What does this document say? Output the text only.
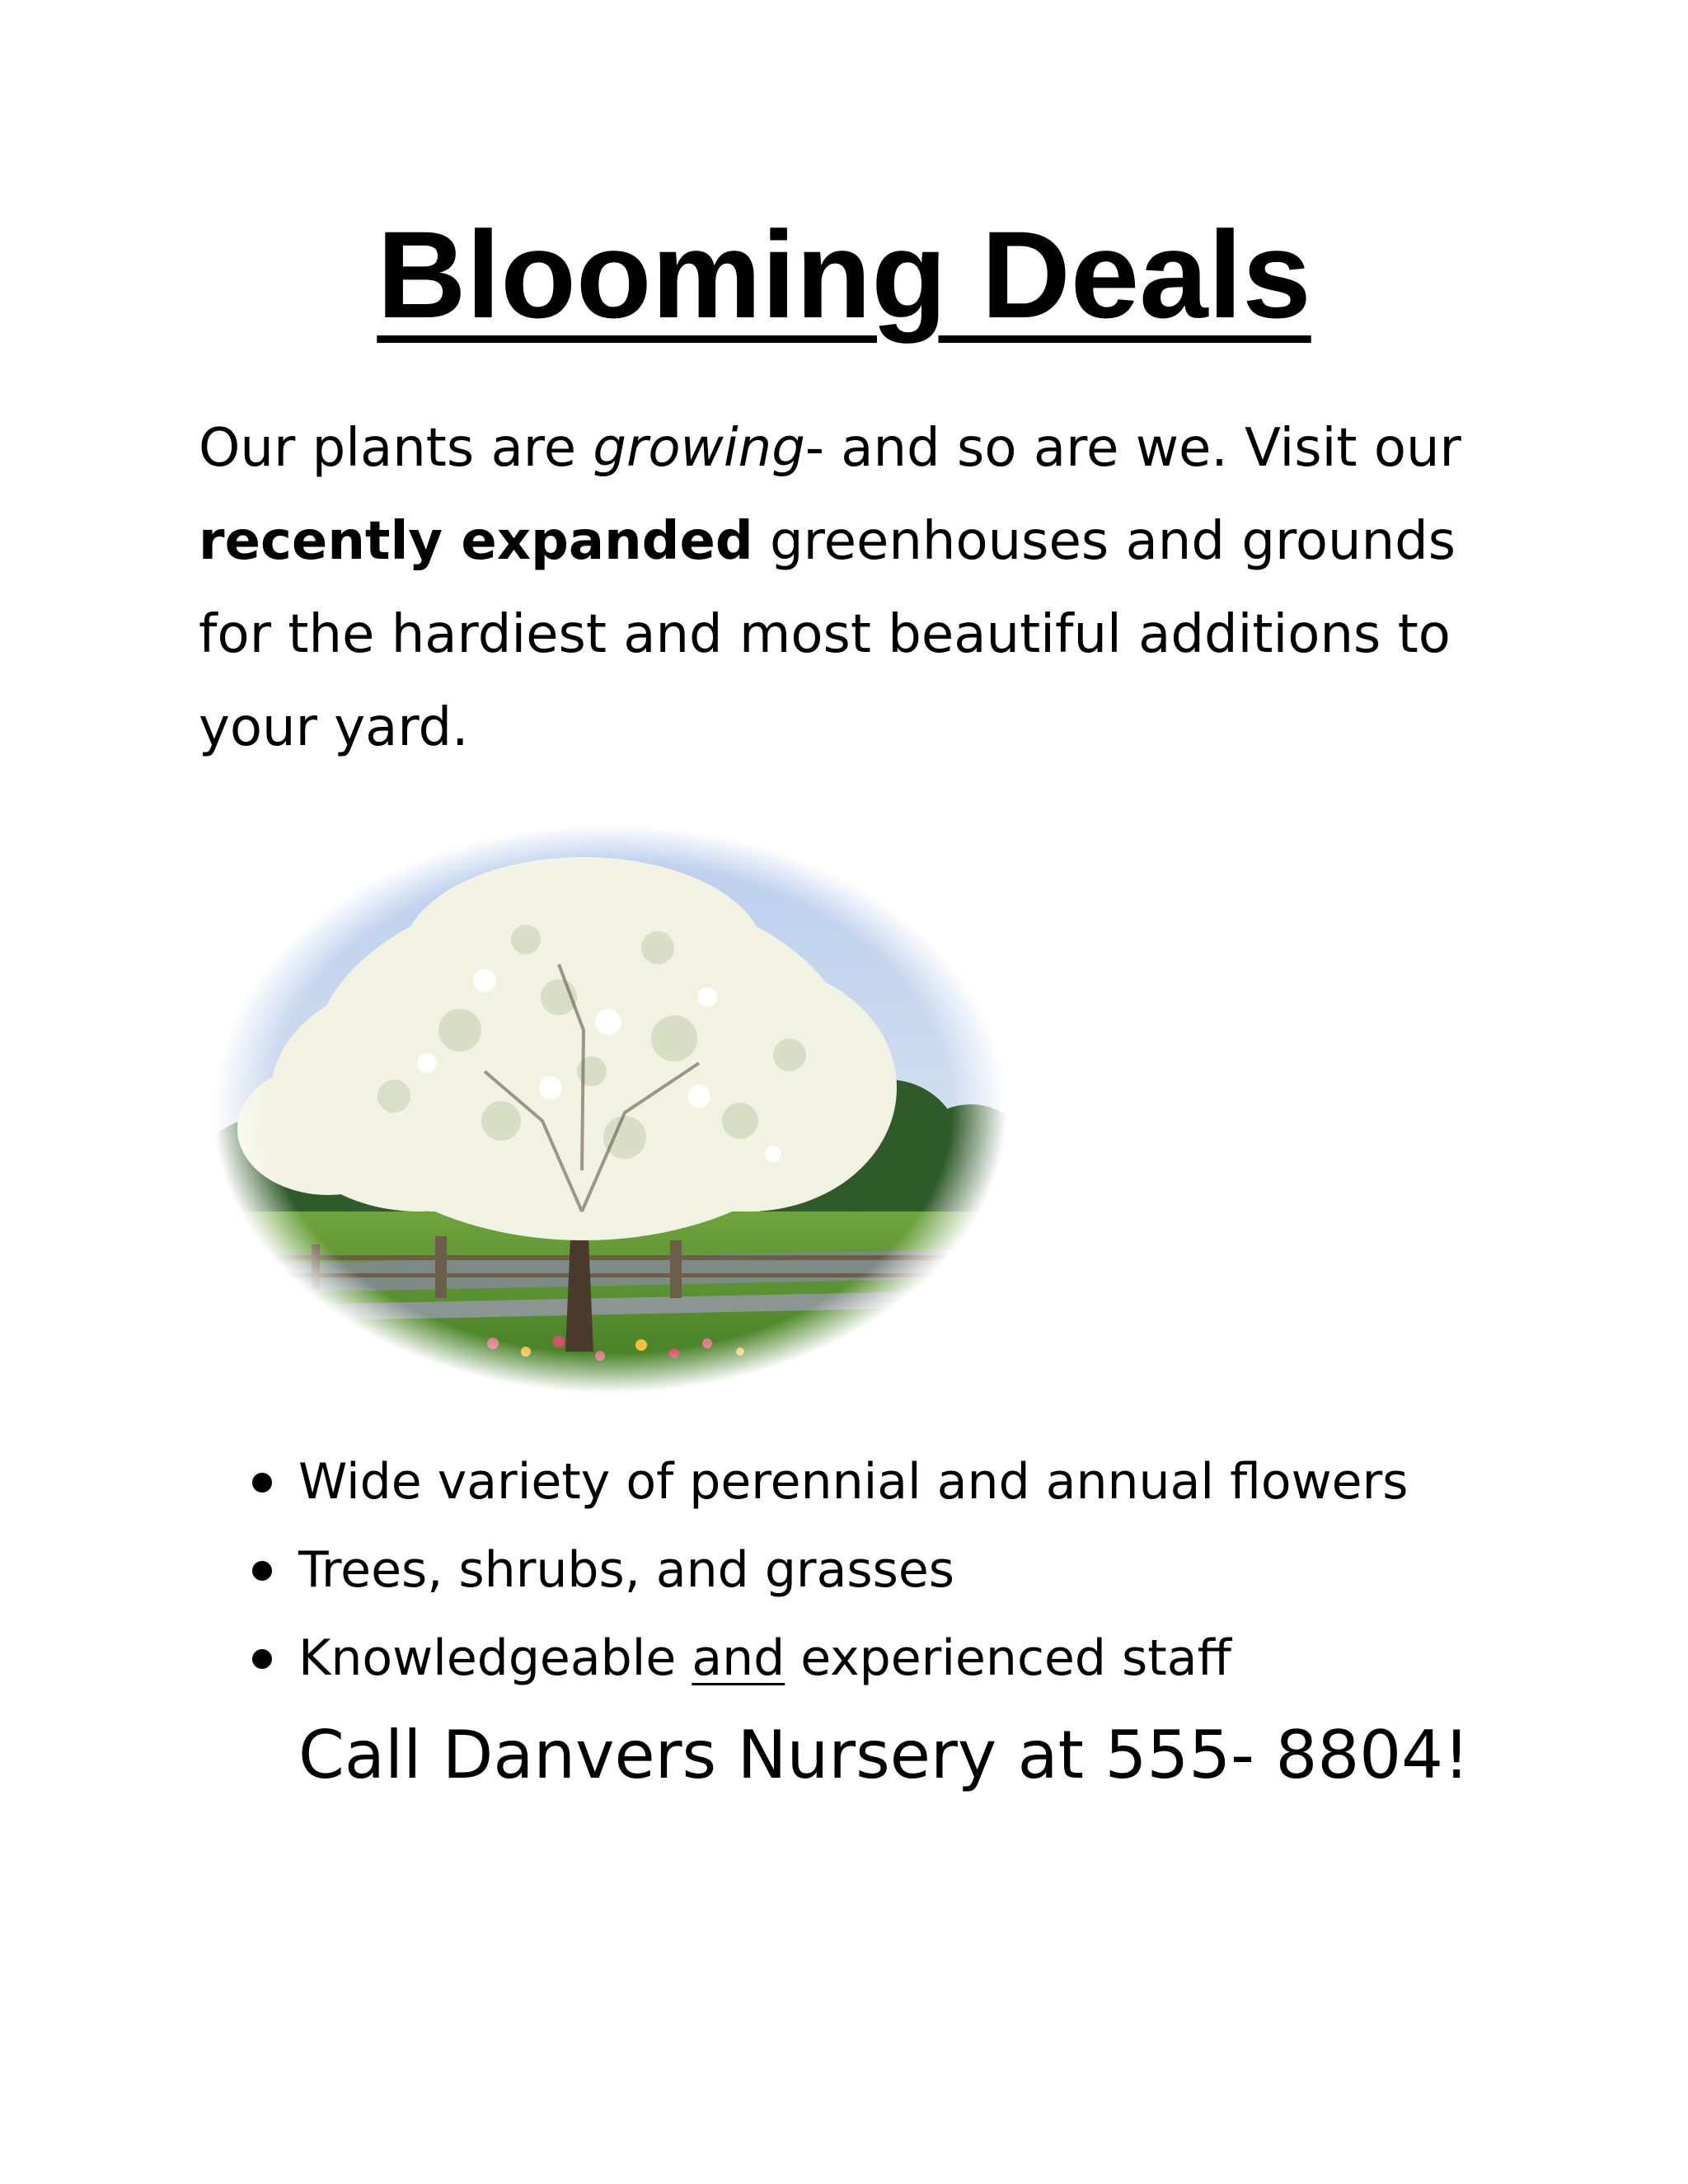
Blooming Deals

Our plants are growing- and so are we. Visit our recently expanded greenhouses and grounds for the hardiest and most beautiful additions to your yard.

Wide variety of perennial and annual flowers
Trees, shrubs, and grasses
Knowledgeable and experienced staff

Call Danvers Nursery at 555- 8804!
